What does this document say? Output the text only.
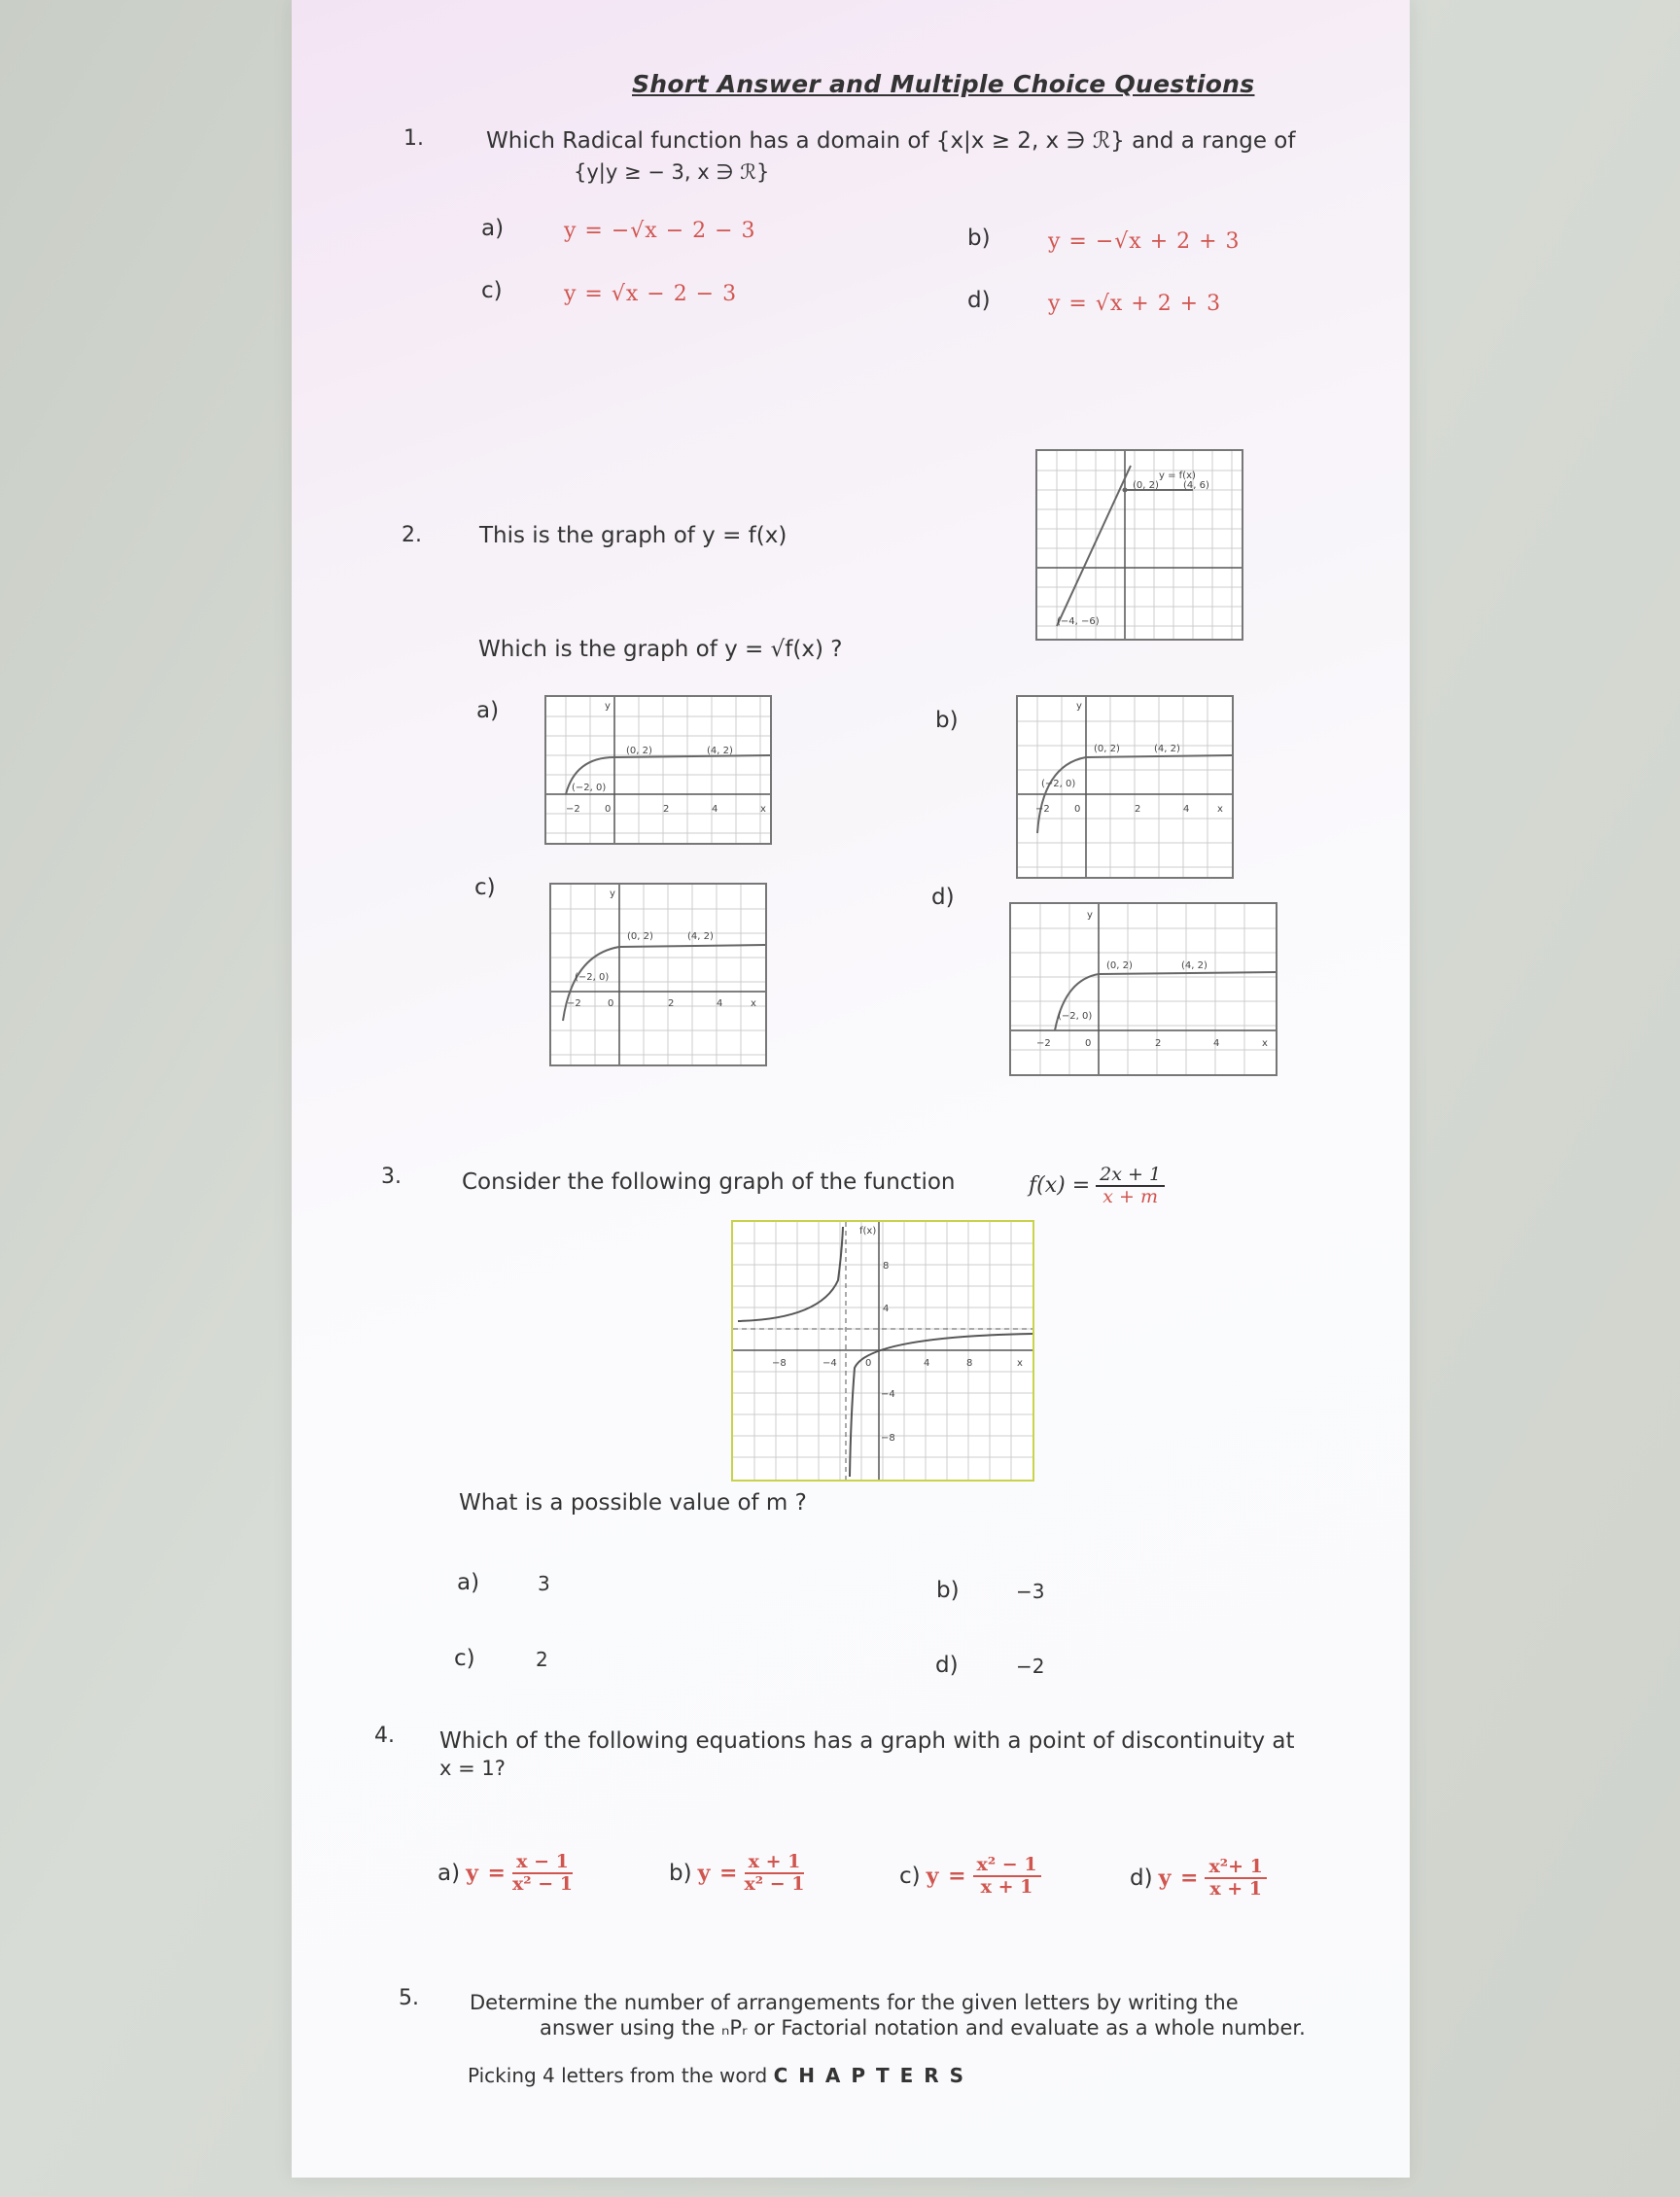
Short Answer and Multiple Choice Questions
1.	Which Radical function has a domain of {x|x ≥ 2, x ∋ ℛ} and a range of
{y|y ≥ − 3, x ∋ ℛ}
a)	y = −√x − 2 − 3	b)	y = −√x + 2 + 3
c)	y = √x − 2 − 3	d)	y = √x + 2 + 3
2.	This is the graph of y = f(x)
y = f(x)
(0, 2)	(4, 6)
(−4, −6)
Which is the graph of y = √f(x) ?
a)	b)
c)	d)
y
x
(0, 2)	(4, 2)
(−2, 0)
−2	0	2	4
y
x
(0, 2)	(4, 2)
(−2, 0)
−2	0	2	4
y
x
(0, 2)	(4, 2)
(−2, 0)
−2	0	2	4
y
x
(0, 2)	(4, 2)
(−2, 0)
−2	0	2	4
3.	Consider the following graph of the function	$f(x) = \frac{2x + 1}{x + m}$
f(x)
x
8
4
−4
−8
0
−8	−4	4	8
What is a possible value of m ?
a)	3	b)	−3
c)	2	d)	−2
4. Which of the following equations has a graph with a point of discontinuity at
x = 1?
a) $y = \frac{x - 1}{\text{x² − 1}}$	b) $y = \frac{x + 1}{\text{x² − 1}}$	c) $y = \frac{\text{x² − 1}}{x + 1}$	d) $y = \frac{\text{x²+ 1}}{x + 1}$
5. Determine the number of arrangements for the given letters by writing the
answer using the ₙPᵣ or Factorial notation and evaluate as a whole number.
Picking 4 letters from the word C H A P T E R S
